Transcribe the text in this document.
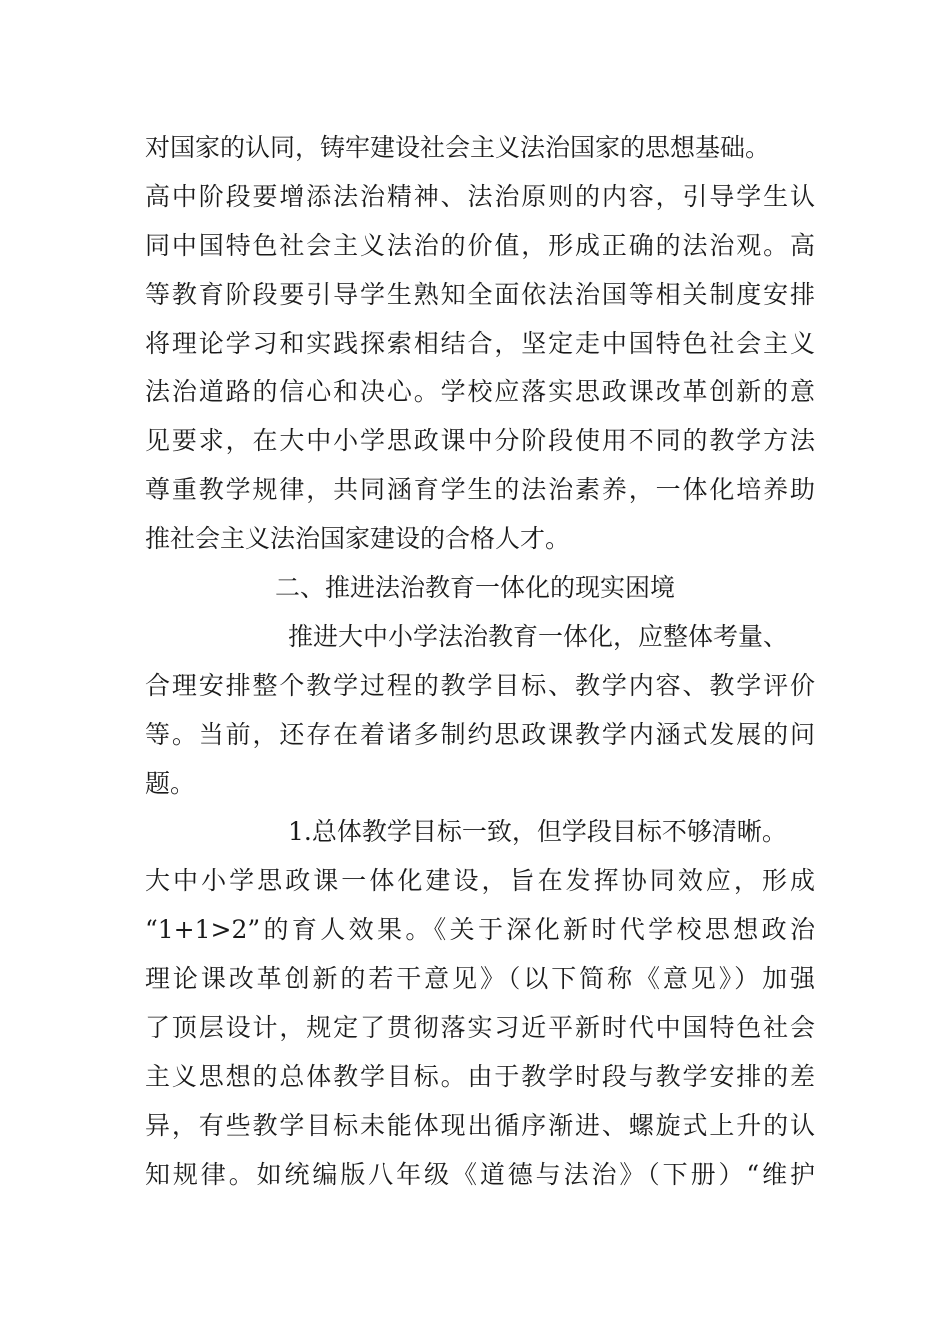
对国家的认同，铸牢建设社会主义法治国家的思想基础。
高中阶段要增添法治精神、法治原则的内容，引导学生认
同中国特色社会主义法治的价值，形成正确的法治观。高
等教育阶段要引导学生熟知全面依法治国等相关制度安排
将理论学习和实践探索相结合，坚定走中国特色社会主义
法治道路的信心和决心。学校应落实思政课改革创新的意
见要求，在大中小学思政课中分阶段使用不同的教学方法
尊重教学规律，共同涵育学生的法治素养，一体化培养助
推社会主义法治国家建设的合格人才。
二、推进法治教育一体化的现实困境
推进大中小学法治教育一体化，应整体考量、
合理安排整个教学过程的教学目标、教学内容、教学评价
等。当前，还存在着诸多制约思政课教学内涵式发展的问
题。
1.总体教学目标一致，但学段目标不够清晰。
大中小学思政课一体化建设，旨在发挥协同效应，形成
“1+1>2”的育人效果。《关于深化新时代学校思想政治
理论课改革创新的若干意见》（以下简称《意见》）加强
了顶层设计，规定了贯彻落实习近平新时代中国特色社会
主义思想的总体教学目标。由于教学时段与教学安排的差
异，有些教学目标未能体现出循序渐进、螺旋式上升的认
知规律。如统编版八年级《道德与法治》（下册）“维护
